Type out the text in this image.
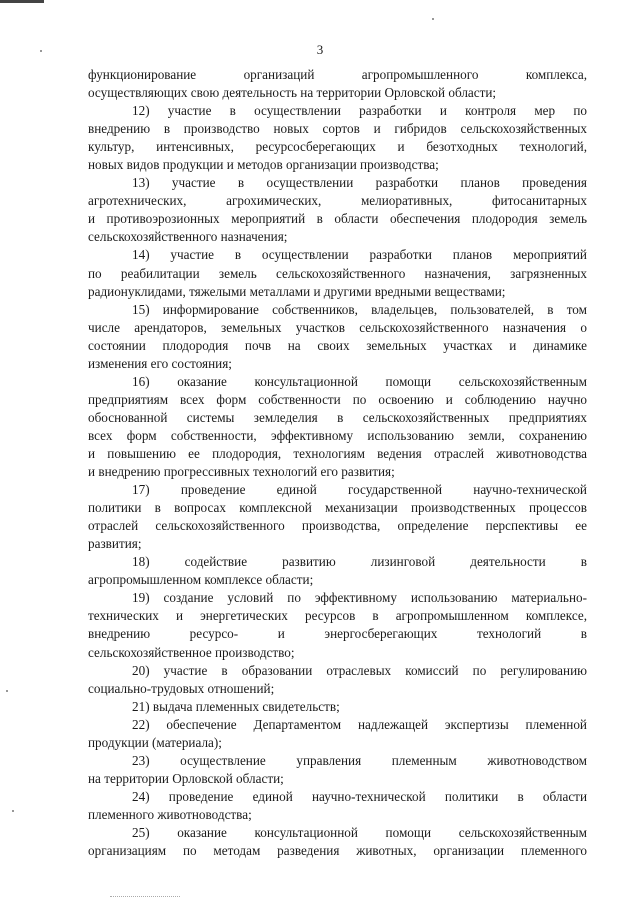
3
функционирование организаций агропромышленного комплекса,
осуществляющих свою деятельность на территории Орловской области;
12) участие в осуществлении разработки и контроля мер по
внедрению в производство новых сортов и гибридов сельскохозяйственных
культур, интенсивных, ресурсосберегающих и безотходных технологий,
новых видов продукции и методов организации производства;
13) участие в осуществлении разработки планов проведения
агротехнических, агрохимических, мелиоративных, фитосанитарных
и противоэрозионных мероприятий в области обеспечения плодородия земель
сельскохозяйственного назначения;
14) участие в осуществлении разработки планов мероприятий
по реабилитации земель сельскохозяйственного назначения, загрязненных
радионуклидами, тяжелыми металлами и другими вредными веществами;
15) информирование собственников, владельцев, пользователей, в том
числе арендаторов, земельных участков сельскохозяйственного назначения о
состоянии плодородия почв на своих земельных участках и динамике
изменения его состояния;
16) оказание консультационной помощи сельскохозяйственным
предприятиям всех форм собственности по освоению и соблюдению научно
обоснованной системы земледелия в сельскохозяйственных предприятиях
всех форм собственности, эффективному использованию земли, сохранению
и повышению ее плодородия, технологиям ведения отраслей животноводства
и внедрению прогрессивных технологий его развития;
17) проведение единой государственной научно-технической
политики в вопросах комплексной механизации производственных процессов
отраслей сельскохозяйственного производства, определение перспективы ее
развития;
18) содействие развитию лизинговой деятельности в
агропромышленном комплексе области;
19) создание условий по эффективному использованию материально-
технических и энергетических ресурсов в агропромышленном комплексе,
внедрению ресурсо- и энергосберегающих технологий в
сельскохозяйственное производство;
20) участие в образовании отраслевых комиссий по регулированию
социально-трудовых отношений;
21) выдача племенных свидетельств;
22) обеспечение Департаментом надлежащей экспертизы племенной
продукции (материала);
23) осуществление управления племенным животноводством
на территории Орловской области;
24) проведение единой научно-технической политики в области
племенного животноводства;
25) оказание консультационной помощи сельскохозяйственным
организациям по методам разведения животных, организации племенного
